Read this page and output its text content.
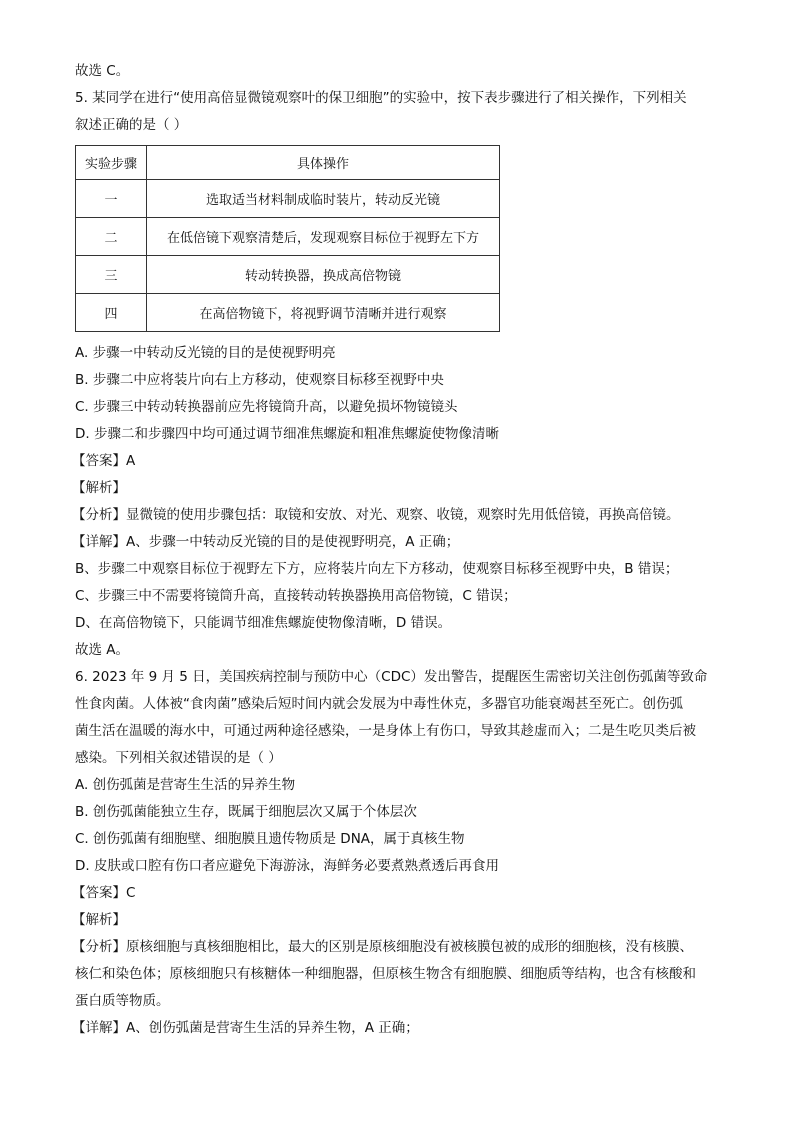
故选 C。
5. 某同学在进行“使用高倍显微镜观察叶的保卫细胞”的实验中，按下表步骤进行了相关操作，下列相关
叙述正确的是（ ）
实验步骤	具体操作
一	选取适当材料制成临时装片，转动反光镜
二	在低倍镜下观察清楚后，发现观察目标位于视野左下方
三	转动转换器，换成高倍物镜
四	在高倍物镜下，将视野调节清晰并进行观察
A. 步骤一中转动反光镜的目的是使视野明亮
B. 步骤二中应将装片向右上方移动，使观察目标移至视野中央
C. 步骤三中转动转换器前应先将镜筒升高，以避免损坏物镜镜头
D. 步骤二和步骤四中均可通过调节细准焦螺旋和粗准焦螺旋使物像清晰
【答案】A
【解析】
【分析】显微镜的使用步骤包括：取镜和安放、对光、观察、收镜，观察时先用低倍镜，再换高倍镜。
【详解】A、步骤一中转动反光镜的目的是使视野明亮，A 正确；
B、步骤二中观察目标位于视野左下方，应将装片向左下方移动，使观察目标移至视野中央，B 错误；
C、步骤三中不需要将镜筒升高，直接转动转换器换用高倍物镜，C 错误；
D、在高倍物镜下，只能调节细准焦螺旋使物像清晰，D 错误。
故选 A。
6. 2023 年 9 月 5 日，美国疾病控制与预防中心（CDC）发出警告，提醒医生需密切关注创伤弧菌等致命
性食肉菌。人体被“食肉菌”感染后短时间内就会发展为中毒性休克，多器官功能衰竭甚至死亡。创伤弧
菌生活在温暖的海水中，可通过两种途径感染，一是身体上有伤口，导致其趁虚而入；二是生吃贝类后被
感染。下列相关叙述错误的是（ ）
A. 创伤弧菌是营寄生生活的异养生物
B. 创伤弧菌能独立生存，既属于细胞层次又属于个体层次
C. 创伤弧菌有细胞壁、细胞膜且遗传物质是 DNA，属于真核生物
D. 皮肤或口腔有伤口者应避免下海游泳，海鲜务必要煮熟煮透后再食用
【答案】C
【解析】
【分析】原核细胞与真核细胞相比，最大的区别是原核细胞没有被核膜包被的成形的细胞核，没有核膜、
核仁和染色体；原核细胞只有核糖体一种细胞器，但原核生物含有细胞膜、细胞质等结构，也含有核酸和
蛋白质等物质。
【详解】A、创伤弧菌是营寄生生活的异养生物，A 正确；
